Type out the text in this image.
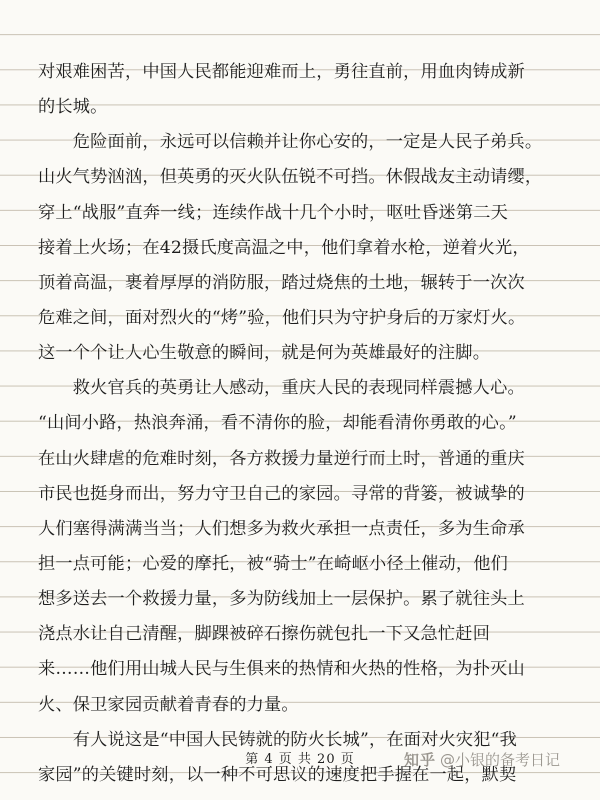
对艰难困苦，中国人民都能迎难而上，勇往直前，用血肉铸成新
的长城。
　　危险面前，永远可以信赖并让你心安的，一定是人民子弟兵。
山火气势汹汹，但英勇的灭火队伍锐不可挡。休假战友主动请缨，
穿上“战服”直奔一线；连续作战十几个小时，呕吐昏迷第二天
接着上火场；在42摄氏度高温之中，他们拿着水枪，逆着火光，
顶着高温，裹着厚厚的消防服，踏过烧焦的土地，辗转于一次次
危难之间，面对烈火的“烤”验，他们只为守护身后的万家灯火。
这一个个让人心生敬意的瞬间，就是何为英雄最好的注脚。
　　救火官兵的英勇让人感动，重庆人民的表现同样震撼人心。
“山间小路，热浪奔涌，看不清你的脸，却能看清你勇敢的心。”
在山火肆虐的危难时刻，各方救援力量逆行而上时，普通的重庆
市民也挺身而出，努力守卫自己的家园。寻常的背篓，被诚挚的
人们塞得满满当当；人们想多为救火承担一点责任，多为生命承
担一点可能；心爱的摩托，被“骑士”在崎岖小径上催动，他们
想多送去一个救援力量，多为防线加上一层保护。累了就往头上
浇点水让自己清醒，脚踝被碎石擦伤就包扎一下又急忙赶回
来……他们用山城人民与生俱来的热情和火热的性格，为扑灭山
火、保卫家园贡献着青春的力量。
　　有人说这是“中国人民铸就的防火长城”，在面对火灾犯“我
家园”的关键时刻，以一种不可思议的速度把手握在一起，默契
第 4 页 共 20 页	知乎 @小银的备考日记
